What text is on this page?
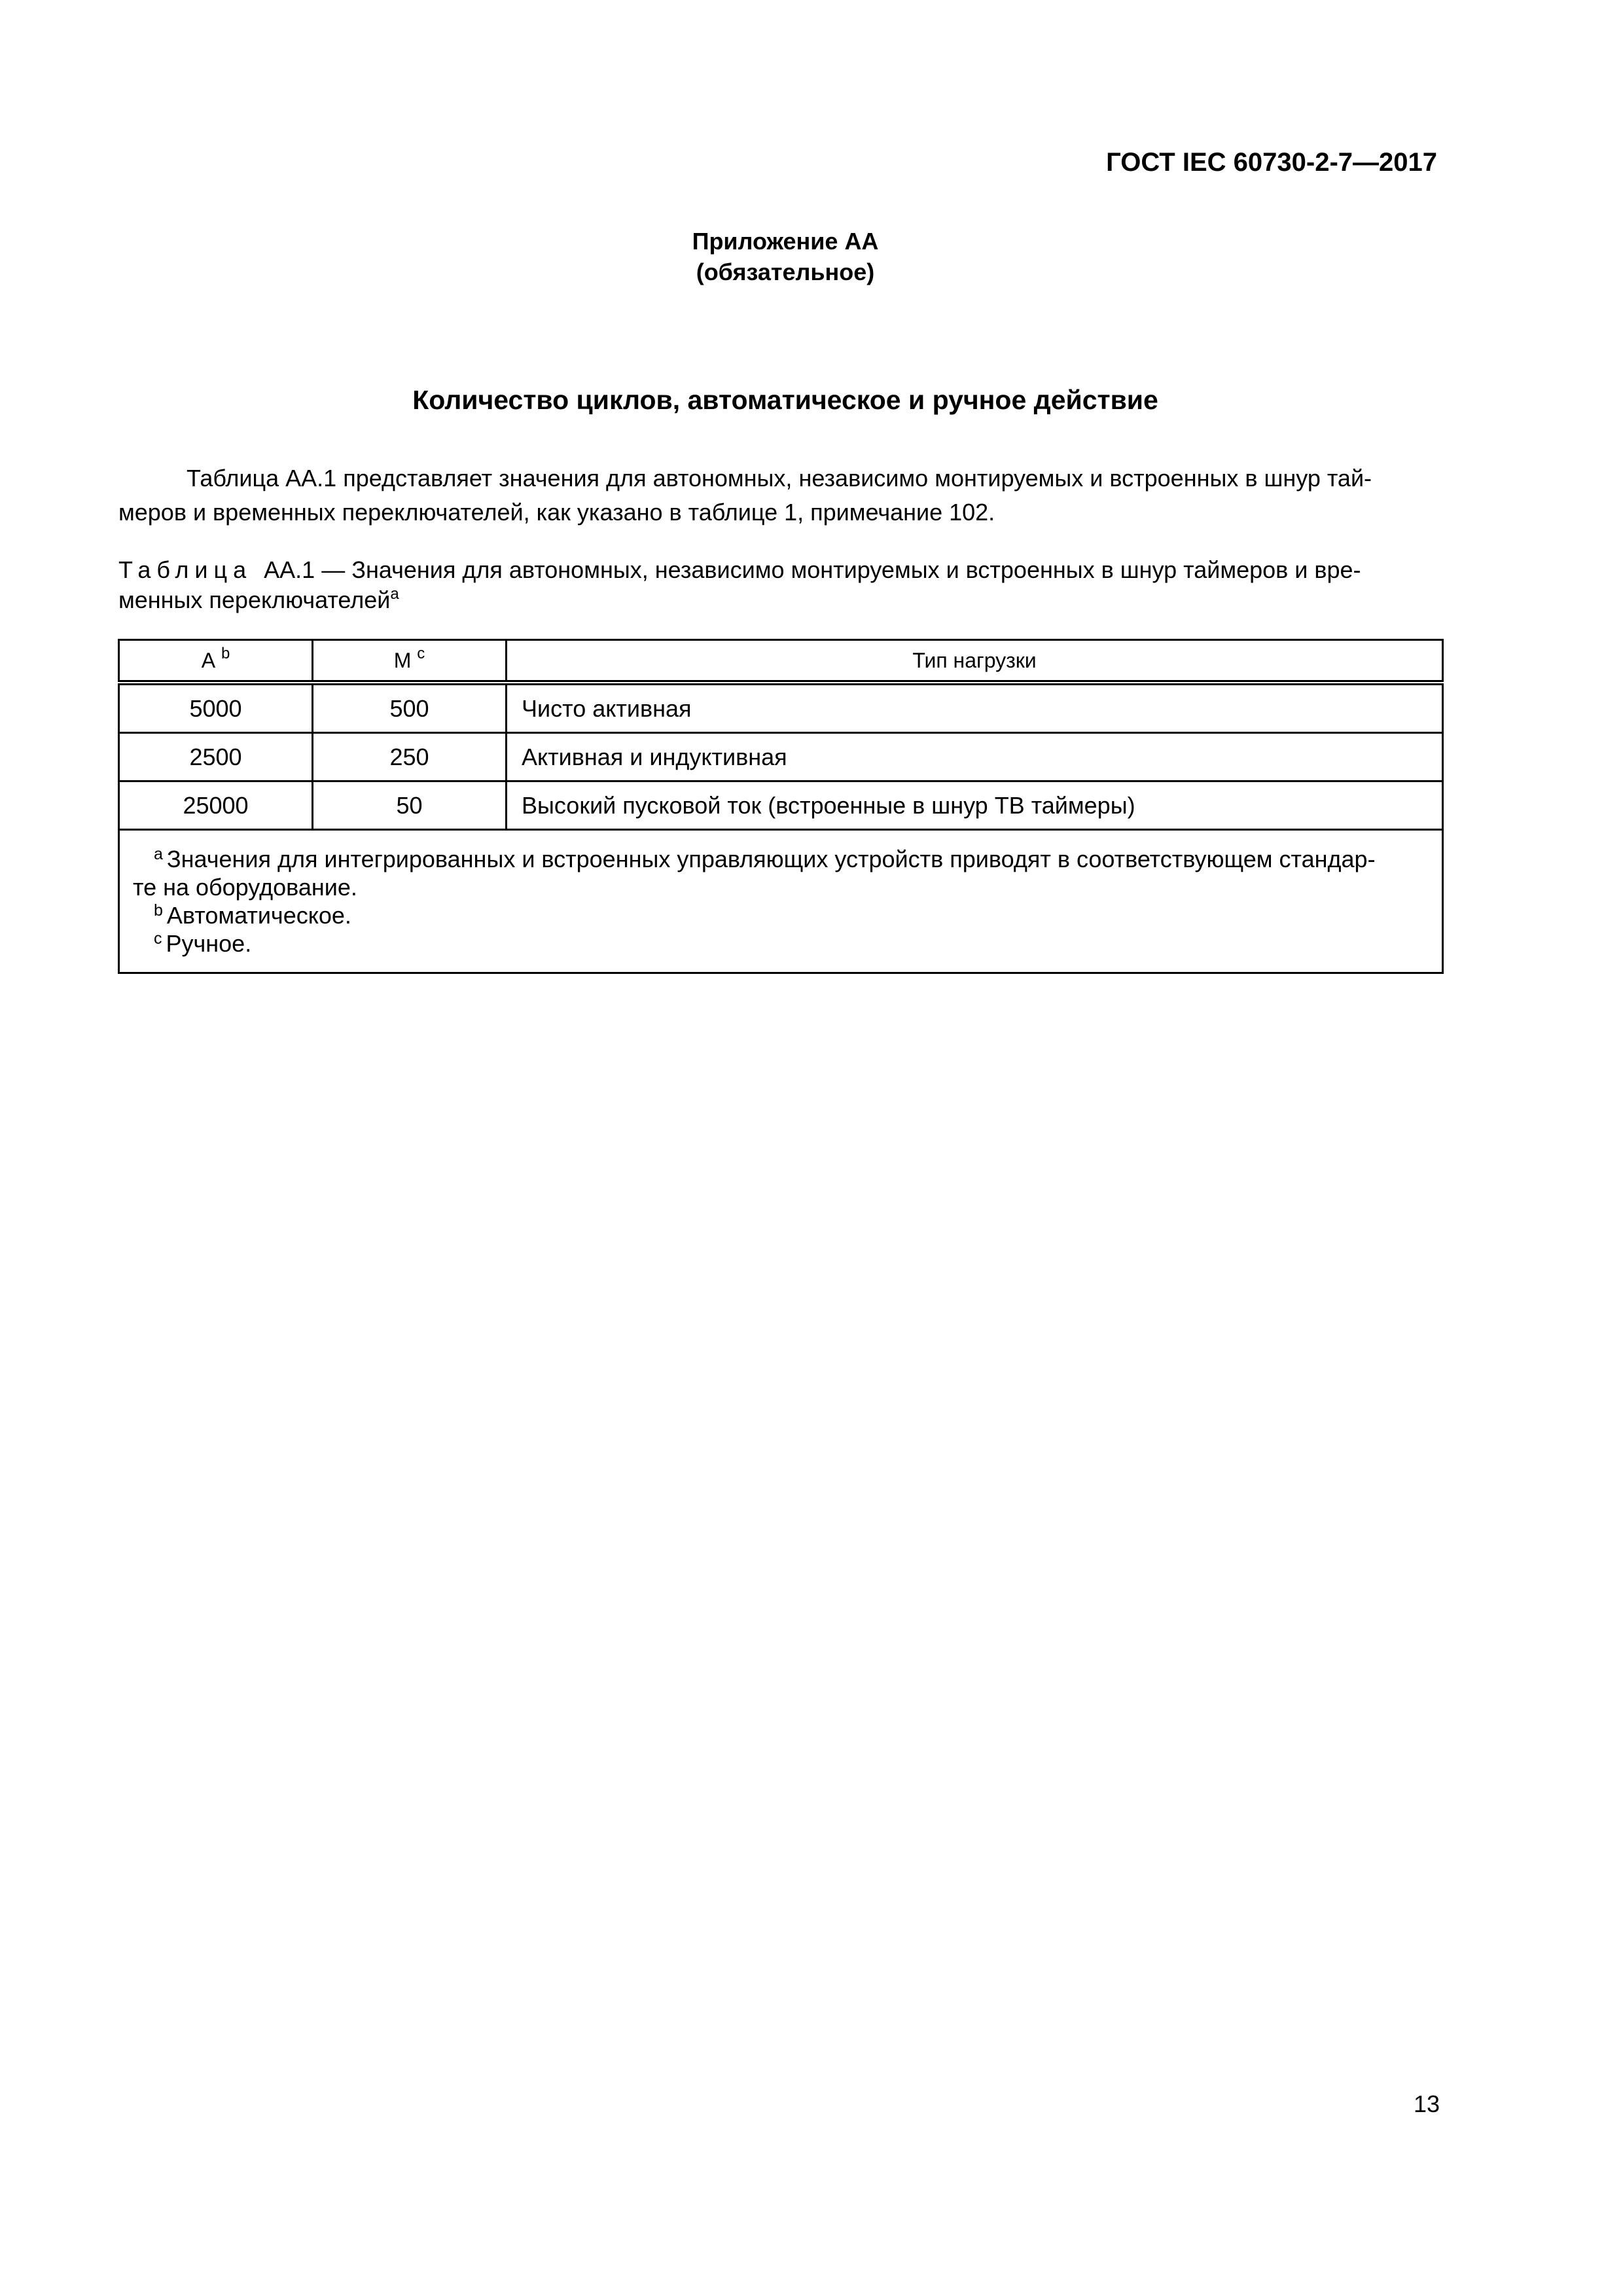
ГОСТ IEC 60730-2-7—2017
Приложение АА
(обязательное)
Количество циклов, автоматическое и ручное действие
Таблица АА.1 представляет значения для автономных, независимо монтируемых и встроенных в шнур тай-
меров и временных переключателей, как указано в таблице 1, примечание 102.
Таблица АА.1 — Значения для автономных, независимо монтируемых и встроенных в шнур таймеров и вре-
менных переключателей$^a$
А $^b$	М $^c$	Тип нагрузки
5000	500	Чисто активная
2500	250	Активная и индуктивная
25000	50	Высокий пусковой ток (встроенные в шнур ТВ таймеры)

$^a$ Значения для интегрированных и встроенных управляющих устройств приводят в соответствующем стандар-
те на оборудование.
$^b$ Автоматическое.
$^c$ Ручное.		
13
